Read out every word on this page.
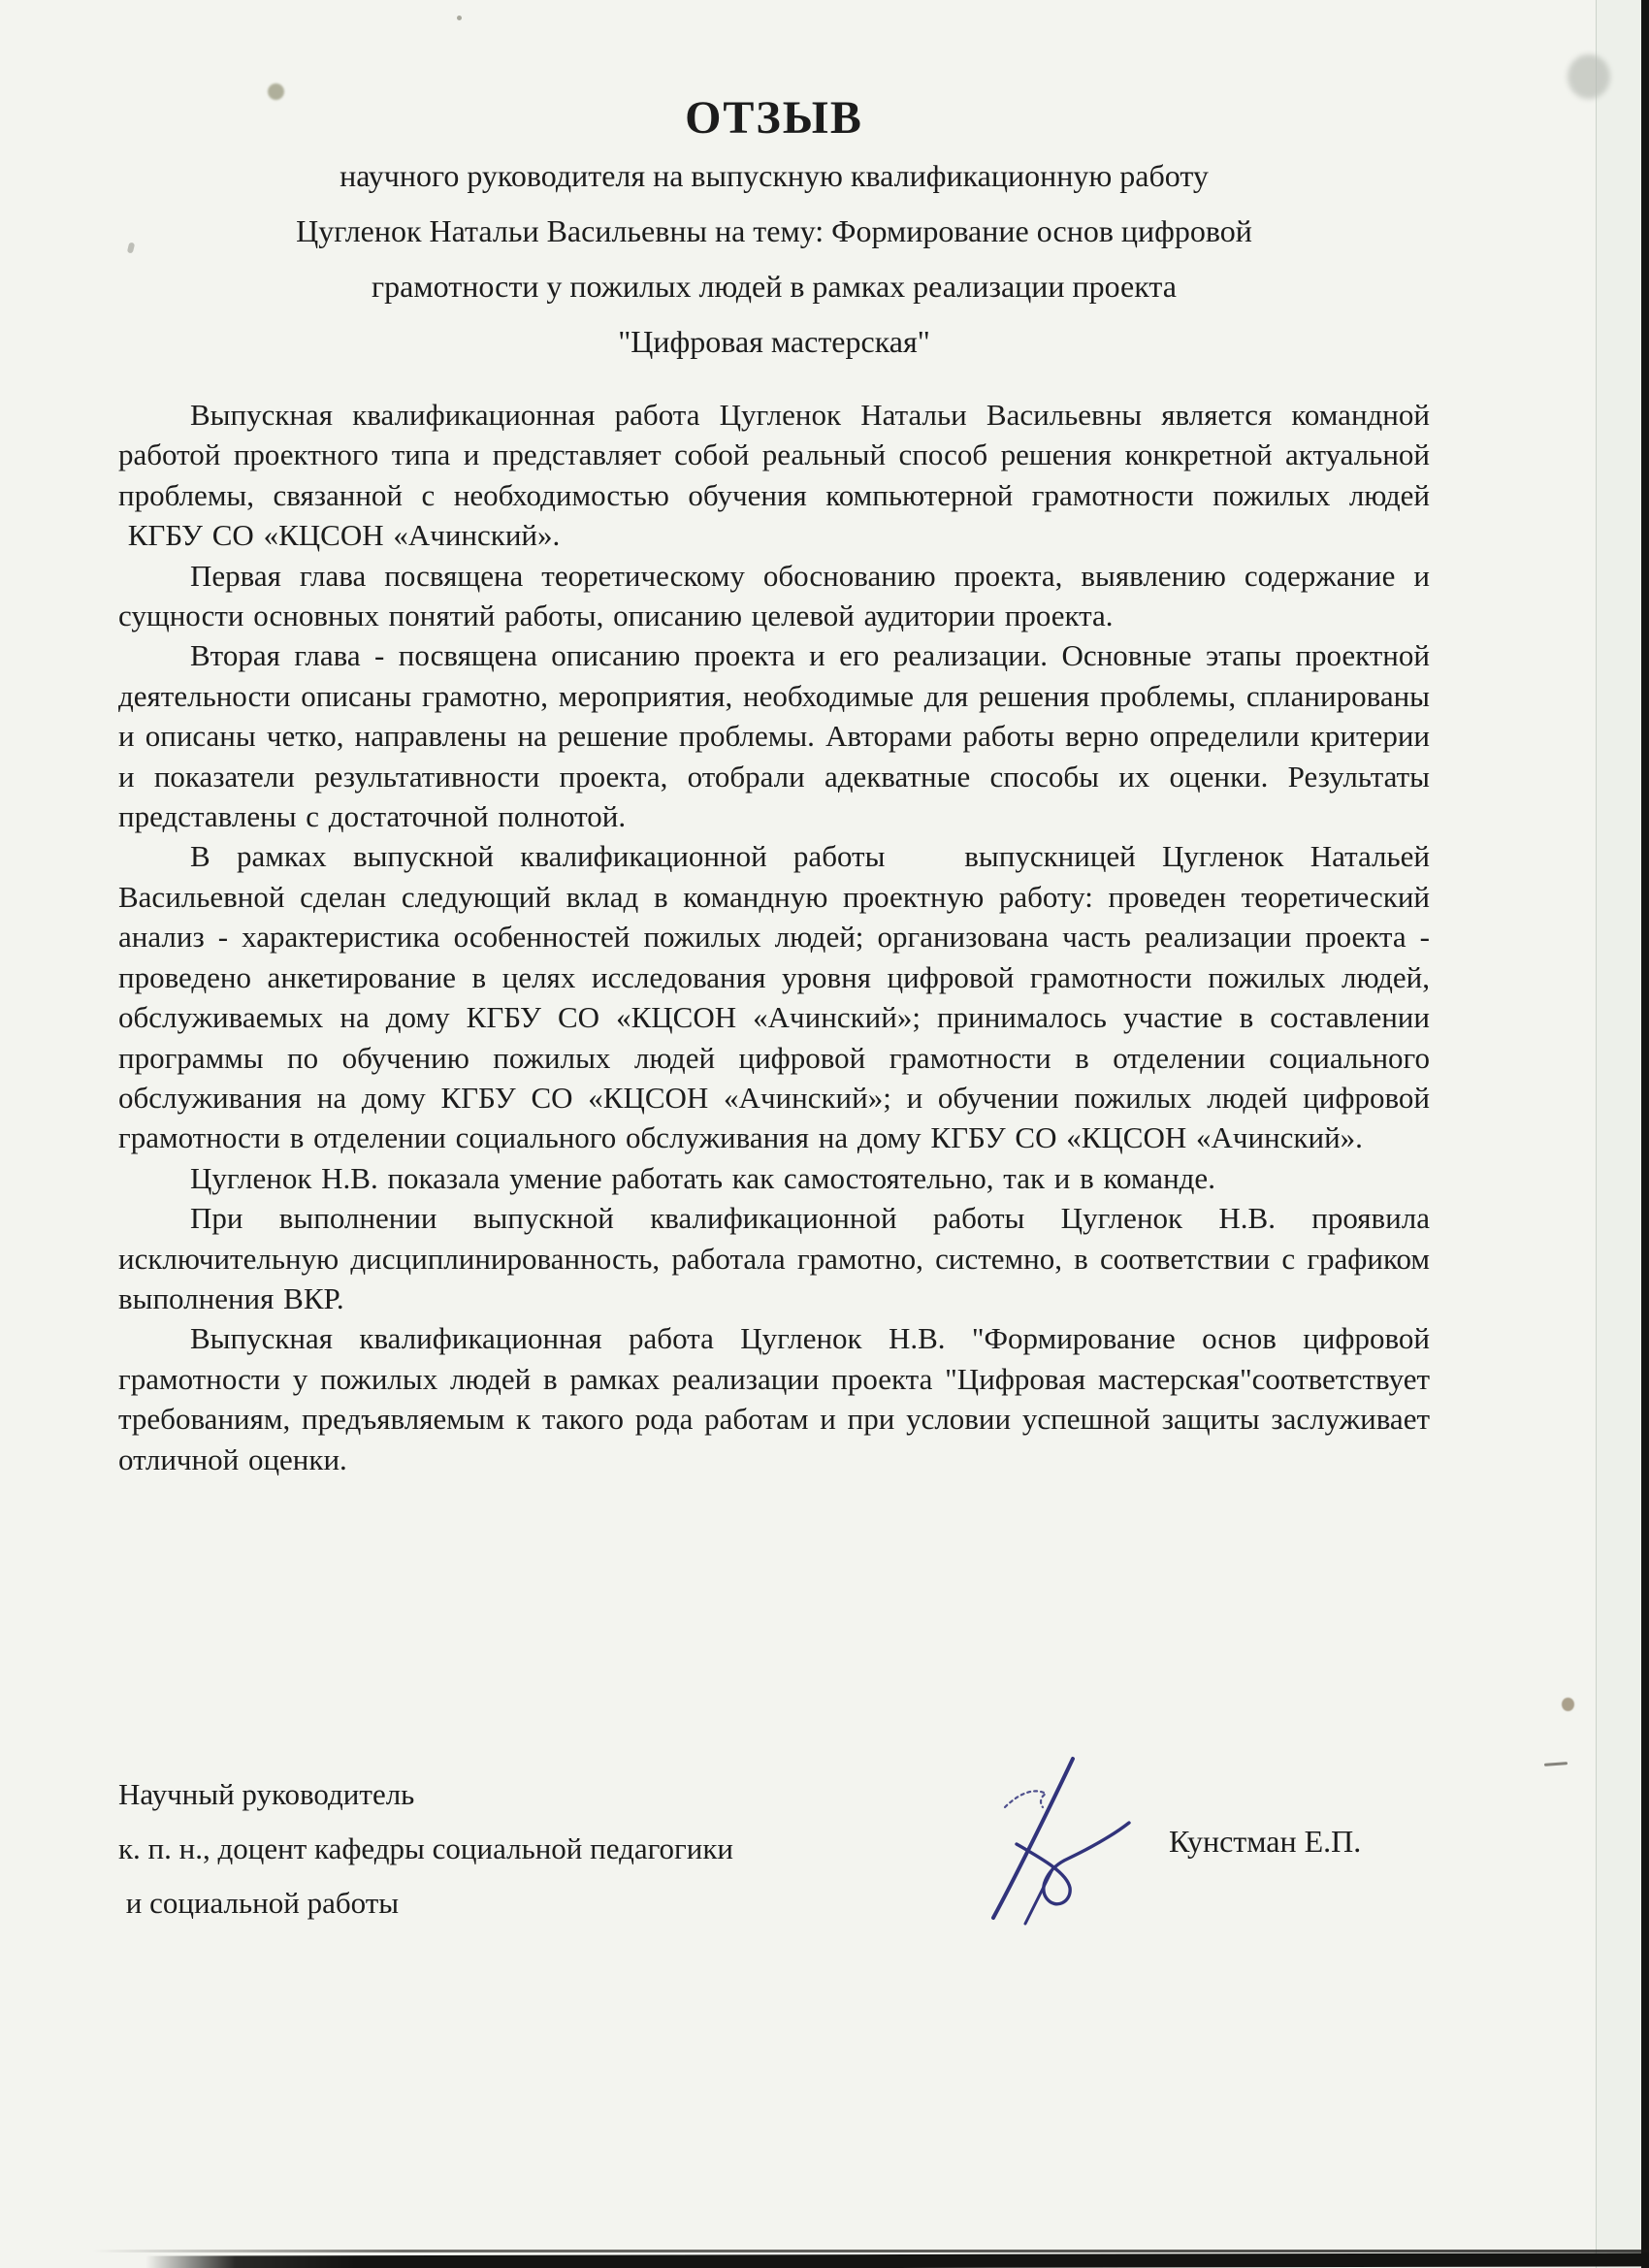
ОТЗЫВ
научного руководителя на выпускную квалификационную работу
Цугленок Натальи Васильевны на тему: Формирование основ цифровой
грамотности у пожилых людей в рамках реализации проекта
"Цифровая мастерская"

Выпускная квалификационная работа Цугленок Натальи Васильевны является командной работой проектного типа и представляет собой реальный способ решения конкретной актуальной проблемы, связанной с необходимостью обучения компьютерной грамотности пожилых людей  КГБУ СО «КЦСОН «Ачинский».

Первая глава посвящена теоретическому обоснованию проекта, выявлению содержание и сущности основных понятий работы, описанию целевой аудитории проекта.

Вторая глава - посвящена описанию проекта и его реализации. Основные этапы проектной деятельности описаны грамотно, мероприятия, необходимые для решения проблемы, спланированы и описаны четко, направлены на решение проблемы. Авторами работы верно определили критерии и показатели результативности проекта, отобрали адекватные способы их оценки. Результаты представлены с достаточной полнотой.

В рамках выпускной квалификационной работы   выпускницей Цугленок Натальей Васильевной сделан следующий вклад в командную проектную работу: проведен теоретический анализ - характеристика особенностей пожилых людей; организована часть реализации проекта - проведено анкетирование в целях исследования уровня цифровой грамотности пожилых людей, обслуживаемых на дому КГБУ СО «КЦСОН «Ачинский»; принималось участие в составлении программы по обучению пожилых людей цифровой грамотности в отделении социального обслуживания на дому КГБУ СО «КЦСОН «Ачинский»; и обучении пожилых людей цифровой грамотности в отделении социального обслуживания на дому КГБУ СО «КЦСОН «Ачинский».

Цугленок Н.В. показала умение работать как самостоятельно, так и в команде.

При выполнении выпускной квалификационной работы Цугленок Н.В. проявила исключительную дисциплинированность, работала грамотно, системно, в соответствии с графиком выполнения ВКР.

Выпускная квалификационная работа Цугленок Н.В. "Формирование основ цифровой грамотности у пожилых людей в рамках реализации проекта "Цифровая мастерская"соответствует требованиям, предъявляемым к такого рода работам и при условии успешной защиты заслуживает отличной оценки.

Научный руководитель
к. п. н., доцент кафедры социальной педагогики
и социальной работы
Кунстман Е.П.
